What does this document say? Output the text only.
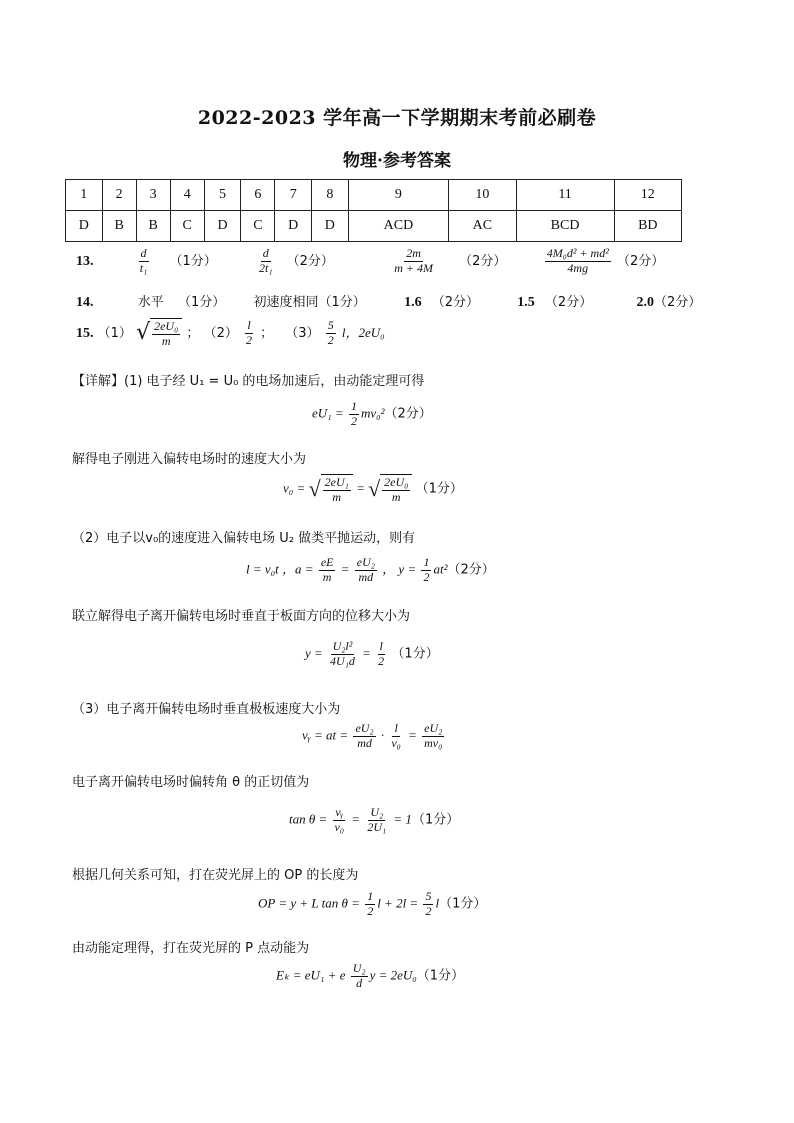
2022-2023 学年高一下学期期末考前必刷卷
物理·参考答案
1	2	3	4	5	6	7	8	9	10	11	12
D	B	B	C	D	C	D	D	ACD	AC	BCD	BD
13.	$\frac{d}{\text{t₁}} (1$分）	$\frac{d}{\text{2t₁}} (2$分）	$\frac{2m}{m + 4M} (2$分）	$\frac{\text{4M₀d² + md²}}{4mg} (2$分）
14.	水平 （1分） 初速度相同（1分）	1.6 （2分）	1.5 （2分）	2.0（2分）
15. （1） √ $\frac{\text{2eU₀}}{m}$ ； $(2) \frac{l}{2}$ ； $(3) \frac{5}{2}$ l，2eU₀
【详解】(1) 电子经 U₁ = U₀ 的电场加速后，由动能定理可得
$eU_1 = \frac{1}{2} mv_0^2(2$分）
解得电子刚进入偏转电场时的速度大小为
v₀ = √ $\frac{\text{2eU₁}}{m}$ = √ $\frac{\text{2eU₀}}{m} (1$分）
（2）电子以v₀的速度进入偏转电场 U₂ 做类平抛运动，则有
l = v₀t ，$a = \frac{eE}{m} = \frac{\text{eU₂}}{md}$ ， $y = \frac{1}{2} at^2(2$分）
联立解得电子离开偏转电场时垂直于板面方向的位移大小为
$y = \frac{\text{U₂l²}}{\text{4U₁d}} = \frac{l}{2} (1$分）
（3）电子离开偏转电场时垂直极板速度大小为
vᵧ = at = $\frac{\text{eU₂}}{md} \cdot \frac{l}{\text{v₀}} = \frac{\text{eU₂}}{\text{mv₀}}$
电子离开偏转电场时偏转角 θ 的正切值为
$\tan \theta = \frac{\text{vᵧ}}{\text{v₀}} = \frac{\text{U₂}}{\text{2U₁}} = 1(1$分）
根据几何关系可知，打在荧光屏上的 OP 的长度为
OP = y + L $\tan \theta = \frac{1}{2}$ $l + 2l = \frac{5}{2} l(1$分）
由动能定理得，打在荧光屏的 P 点动能为
Eₖ = eU₁ + e $\frac{\text{U₂}}{d}$ y = 2eU₀（1分）
